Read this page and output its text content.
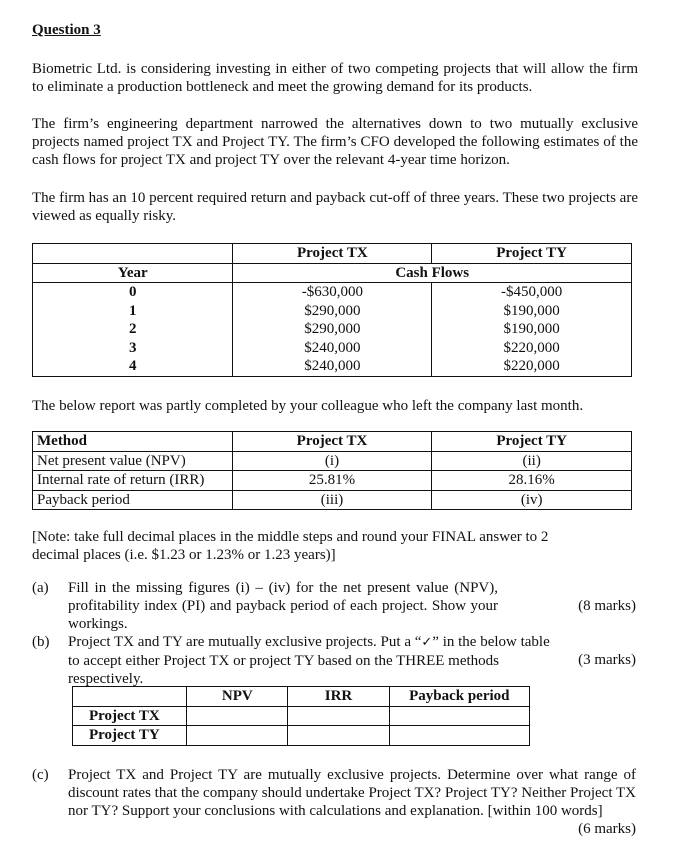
Question 3
Biometric Ltd. is considering investing in either of two competing projects that will allow the firm to eliminate a production bottleneck and meet the growing demand for its products.
The firm’s engineering department narrowed the alternatives down to two mutually exclusive projects named project TX and Project TY. The firm’s CFO developed the following estimates of the cash flows for project TX and project TY over the relevant 4-year time horizon.
The firm has an 10 percent required return and payback cut-off of three years. These two projects are viewed as equally risky.
	Project TX	Project TY
Year	Cash Flows	
0	-$630,000	-$450,000
1	$290,000	$190,000
2	$290,000	$190,000
3	$240,000	$220,000
4	$240,000	$220,000
The below report was partly completed by your colleague who left the company last month.
Method	Project TX	Project TY
Net present value (NPV)	(i)	(ii)
Internal rate of return (IRR)	25.81%	28.16%
Payback period	(iii)	(iv)
[Note: take full decimal places in the middle steps and round your FINAL answer to 2
decimal places (i.e. $1.23 or 1.23% or 1.23 years)]
(a) Fill in the missing figures (i) – (iv) for the net present value (NPV), profitability index (PI) and payback period of each project. Show your workings.
(8 marks)
(b) Project TX and TY are mutually exclusive projects. Put a “✓” in the below table to accept either Project TX or project TY based on the THREE methods respectively.
(3 marks)
	NPV	IRR	Payback period
Project TX			
Project TY			
(c) Project TX and Project TY are mutually exclusive projects. Determine over what range of discount rates that the company should undertake Project TX? Project TY? Neither Project TX nor TY? Support your conclusions with calculations and explanation. [within 100 words]
(6 marks)
